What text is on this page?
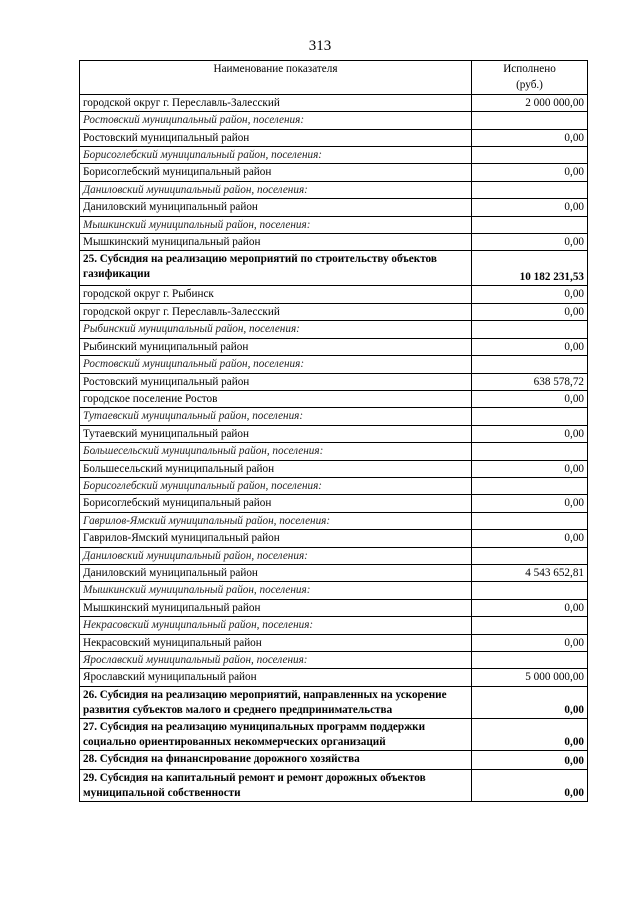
313
Наименование показателя	Исполнено
(руб.)

городской округ г. Переславль-Залесский	2 000 000,00
Ростовский муниципальный район, поселения:	
Ростовский муниципальный район	0,00
Борисоглебский муниципальный район, поселения:	
Борисоглебский муниципальный район	0,00
Даниловский муниципальный район, поселения:	
Даниловский муниципальный район	0,00
Мышкинский муниципальный район, поселения:	
Мышкинский муниципальный район	0,00
25. Субсидия на реализацию мероприятий по строительству объектов газификации	10 182 231,53
городской округ г. Рыбинск	0,00
городской округ г. Переславль-Залесский	0,00
Рыбинский муниципальный район, поселения:	
Рыбинский муниципальный район	0,00
Ростовский муниципальный район, поселения:	
Ростовский муниципальный район	638 578,72
городское поселение Ростов	0,00
Тутаевский муниципальный район, поселения:	
Тутаевский муниципальный район	0,00
Большесельский муниципальный район, поселения:	
Большесельский муниципальный район	0,00
Борисоглебский муниципальный район, поселения:	
Борисоглебский муниципальный район	0,00
Гаврилов-Ямский муниципальный район, поселения:	
Гаврилов-Ямский муниципальный район	0,00
Даниловский муниципальный район, поселения:	
Даниловский муниципальный район	4 543 652,81
Мышкинский муниципальный район, поселения:	
Мышкинский муниципальный район	0,00
Некрасовский муниципальный район, поселения:	
Некрасовский муниципальный район	0,00
Ярославский муниципальный район, поселения:	
Ярославский муниципальный район	5 000 000,00
26. Субсидия на реализацию мероприятий, направленных на ускорение развития субъектов малого и среднего предпринимательства	0,00
27. Субсидия на реализацию муниципальных программ поддержки социально ориентированных некоммерческих организаций	0,00
28. Субсидия на финансирование дорожного хозяйства	0,00
29. Субсидия на капитальный ремонт и ремонт дорожных объектов муниципальной собственности	0,00
